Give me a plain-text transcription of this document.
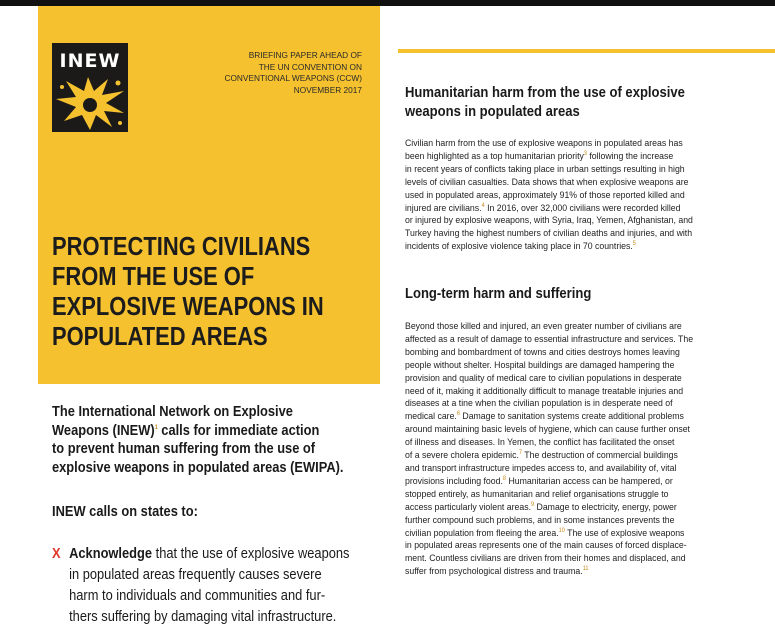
INEW	BRIEFING PAPER AHEAD OF
THE UN CONVENTION ON
CONVENTIONAL WEAPONS (CCW)
NOVEMBER 2017
PROTECTING CIVILIANS
FROM THE USE OF
EXPLOSIVE WEAPONS IN
POPULATED AREAS
The International Network on Explosive
Weapons (INEW)$^1$ calls for immediate action
to prevent human suffering from the use of
explosive weapons in populated areas (EWIPA).
INEW calls on states to:
X Acknowledge that the use of explosive weapons
in populated areas frequently causes severe
harm to individuals and communities and fur-
thers suffering by damaging vital infrastructure.
Humanitarian harm from the use of explosive
weapons in populated areas
Civilian harm from the use of explosive weapons in populated areas has
been highlighted as a top humanitarian priority$^3$ following the increase
in recent years of conflicts taking place in urban settings resulting in high
levels of civilian casualties. Data shows that when explosive weapons are
used in populated areas, approximately 91% of those reported killed and
injured are civilians.$^4$ In 2016, over 32,000 civilians were recorded killed
or injured by explosive weapons, with Syria, Iraq, Yemen, Afghanistan, and
Turkey having the highest numbers of civilian deaths and injuries, and with
incidents of explosive violence taking place in 70 countries.$^5$
Long-term harm and suffering
Beyond those killed and injured, an even greater number of civilians are
affected as a result of damage to essential infrastructure and services. The
bombing and bombardment of towns and cities destroys homes leaving
people without shelter. Hospital buildings are damaged hampering the
provision and quality of medical care to civilian populations in desperate
need of it, making it additionally difficult to manage treatable injuries and
diseases at a tine when the civilian population is in desperate need of
medical care.$^6$ Damage to sanitation systems create additional problems
around maintaining basic levels of hygiene, which can cause further onset
of illness and diseases. In Yemen, the conflict has facilitated the onset
of a severe cholera epidemic.$^7$ The destruction of commercial buildings
and transport infrastructure impedes access to, and availability of, vital
provisions including food.$^8$ Humanitarian access can be hampered, or
stopped entirely, as humanitarian and relief organisations struggle to
access particularly violent areas.$^9$ Damage to electricity, energy, power
further compound such problems, and in some instances prevents the
civilian population from fleeing the area.$^{10}$ The use of explosive weapons
in populated areas represents one of the main causes of forced displace-
ment. Countless civilians are driven from their homes and displaced, and
suffer from psychological distress and trauma.$^{11}$
